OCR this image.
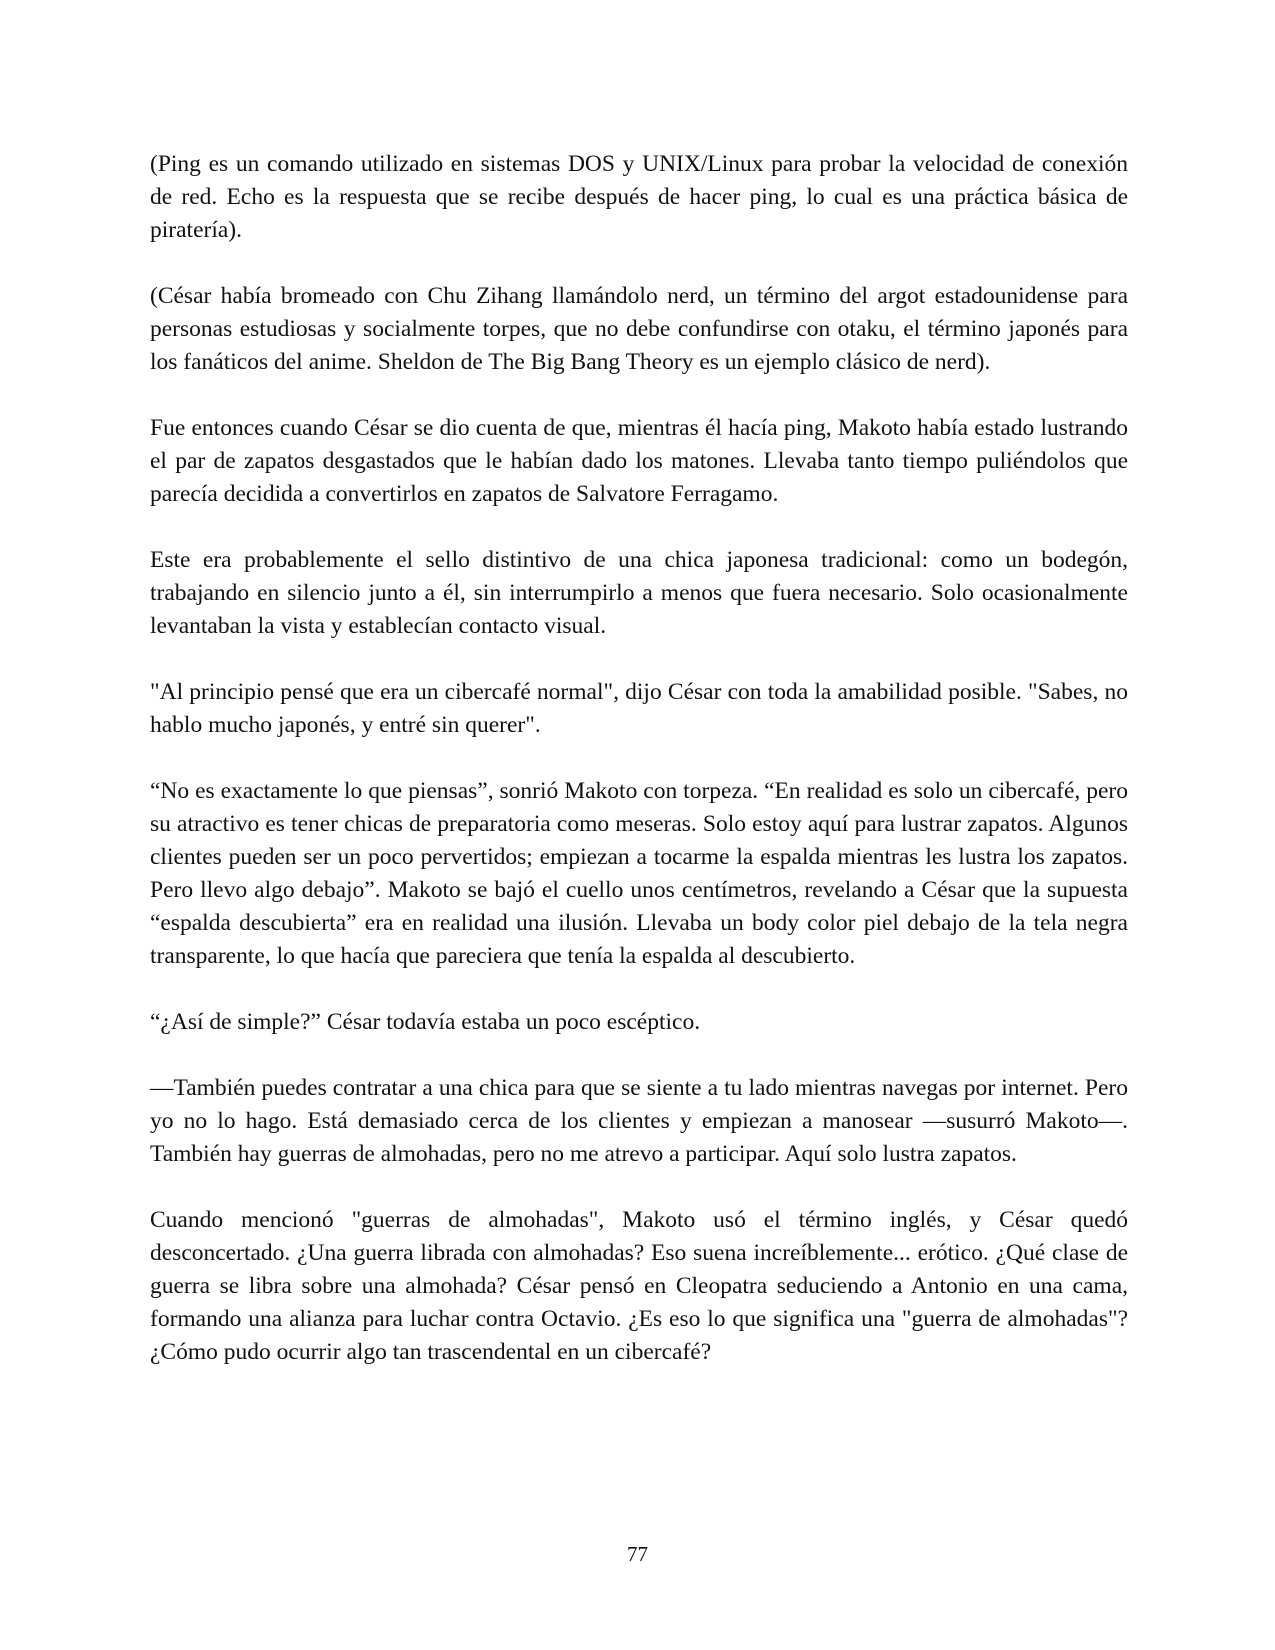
(Ping es un comando utilizado en sistemas DOS y UNIX/Linux para probar la velocidad de conexión de red. Echo es la respuesta que se recibe después de hacer ping, lo cual es una práctica básica de piratería).

(César había bromeado con Chu Zihang llamándolo nerd, un término del argot estadounidense para personas estudiosas y socialmente torpes, que no debe confundirse con otaku, el término japonés para los fanáticos del anime. Sheldon de The Big Bang Theory es un ejemplo clásico de nerd).

Fue entonces cuando César se dio cuenta de que, mientras él hacía ping, Makoto había estado lustrando el par de zapatos desgastados que le habían dado los matones. Llevaba tanto tiempo puliéndolos que parecía decidida a convertirlos en zapatos de Salvatore Ferragamo.

Este era probablemente el sello distintivo de una chica japonesa tradicional: como un bodegón, trabajando en silencio junto a él, sin interrumpirlo a menos que fuera necesario. Solo ocasionalmente levantaban la vista y establecían contacto visual.

"Al principio pensé que era un cibercafé normal", dijo César con toda la amabilidad posible. "Sabes, no hablo mucho japonés, y entré sin querer".

“No es exactamente lo que piensas”, sonrió Makoto con torpeza. “En realidad es solo un cibercafé, pero su atractivo es tener chicas de preparatoria como meseras. Solo estoy aquí para lustrar zapatos. Algunos clientes pueden ser un poco pervertidos; empiezan a tocarme la espalda mientras les lustra los zapatos. Pero llevo algo debajo”. Makoto se bajó el cuello unos centímetros, revelando a César que la supuesta “espalda descubierta” era en realidad una ilusión. Llevaba un body color piel debajo de la tela negra transparente, lo que hacía que pareciera que tenía la espalda al descubierto.

“¿Así de simple?” César todavía estaba un poco escéptico.

—También puedes contratar a una chica para que se siente a tu lado mientras navegas por internet. Pero yo no lo hago. Está demasiado cerca de los clientes y empiezan a manosear —susurró Makoto—. También hay guerras de almohadas, pero no me atrevo a participar. Aquí solo lustra zapatos.

Cuando mencionó "guerras de almohadas", Makoto usó el término inglés, y César quedó desconcertado. ¿Una guerra librada con almohadas? Eso suena increíblemente... erótico. ¿Qué clase de guerra se libra sobre una almohada? César pensó en Cleopatra seduciendo a Antonio en una cama, formando una alianza para luchar contra Octavio. ¿Es eso lo que significa una "guerra de almohadas"? ¿Cómo pudo ocurrir algo tan trascendental en un cibercafé?

77
